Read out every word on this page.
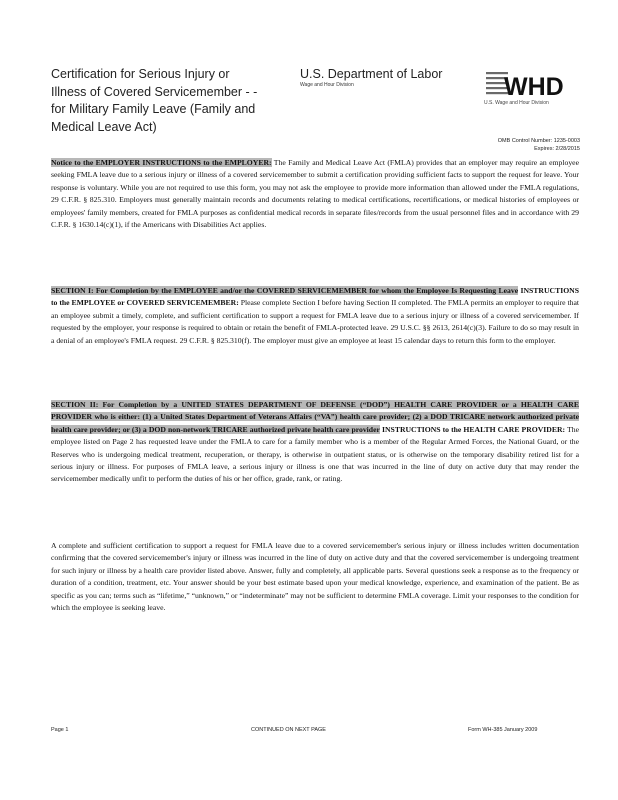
Certification for Serious Injury or
Illness of Covered Servicemember - -
for Military Family Leave (Family and
Medical Leave Act)
U.S. Department of Labor
Wage and Hour Division	WHD
U.S. Wage and Hour Division
OMB Control Number: 1235-0003
Expires: 2/28/2015

Notice to the EMPLOYER INSTRUCTIONS to the EMPLOYER: The Family and Medical Leave Act (FMLA) provides that an employer may require an employee seeking FMLA leave due to a serious injury or illness of a covered servicemember to submit a certification providing sufficient facts to support the request for leave. Your response is voluntary. While you are not required to use this form, you may not ask the employee to provide more information than allowed under the FMLA regulations, 29 C.F.R. § 825.310. Employers must generally maintain records and documents relating to medical certifications, recertifications, or medical histories of employees or employees' family members, created for FMLA purposes as confidential medical records in separate files/records from the usual personnel files and in accordance with 29 C.F.R. § 1630.14(c)(1), if the Americans with Disabilities Act applies.

SECTION I: For Completion by the EMPLOYEE and/or the COVERED SERVICEMEMBER for whom the Employee Is Requesting Leave INSTRUCTIONS to the EMPLOYEE or COVERED SERVICEMEMBER: Please complete Section I before having Section II completed. The FMLA permits an employer to require that an employee submit a timely, complete, and sufficient certification to support a request for FMLA leave due to a serious injury or illness of a covered servicemember. If requested by the employer, your response is required to obtain or retain the benefit of FMLA-protected leave. 29 U.S.C. §§ 2613, 2614(c)(3). Failure to do so may result in a denial of an employee's FMLA request. 29 C.F.R. § 825.310(f). The employer must give an employee at least 15 calendar days to return this form to the employer.

SECTION II: For Completion by a UNITED STATES DEPARTMENT OF DEFENSE (“DOD”) HEALTH CARE PROVIDER or a HEALTH CARE PROVIDER who is either: (1) a United States Department of Veterans Affairs (“VA”) health care provider; (2) a DOD TRICARE network authorized private health care provider; or (3) a DOD non-network TRICARE authorized private health care provider INSTRUCTIONS to the HEALTH CARE PROVIDER: The employee listed on Page 2 has requested leave under the FMLA to care for a family member who is a member of the Regular Armed Forces, the National Guard, or the Reserves who is undergoing medical treatment, recuperation, or therapy, is otherwise in outpatient status, or is otherwise on the temporary disability retired list for a serious injury or illness. For purposes of FMLA leave, a serious injury or illness is one that was incurred in the line of duty on active duty that may render the servicemember medically unfit to perform the duties of his or her office, grade, rank, or rating.

A complete and sufficient certification to support a request for FMLA leave due to a covered servicemember's serious injury or illness includes written documentation confirming that the covered servicemember's injury or illness was incurred in the line of duty on active duty and that the covered servicemember is undergoing treatment for such injury or illness by a health care provider listed above. Answer, fully and completely, all applicable parts. Several questions seek a response as to the frequency or duration of a condition, treatment, etc. Your answer should be your best estimate based upon your medical knowledge, experience, and examination of the patient. Be as specific as you can; terms such as “lifetime,” “unknown,” or “indeterminate” may not be sufficient to determine FMLA coverage. Limit your responses to the condition for which the employee is seeking leave.

Page 1	CONTINUED ON NEXT PAGE	Form WH-385 January 2009
